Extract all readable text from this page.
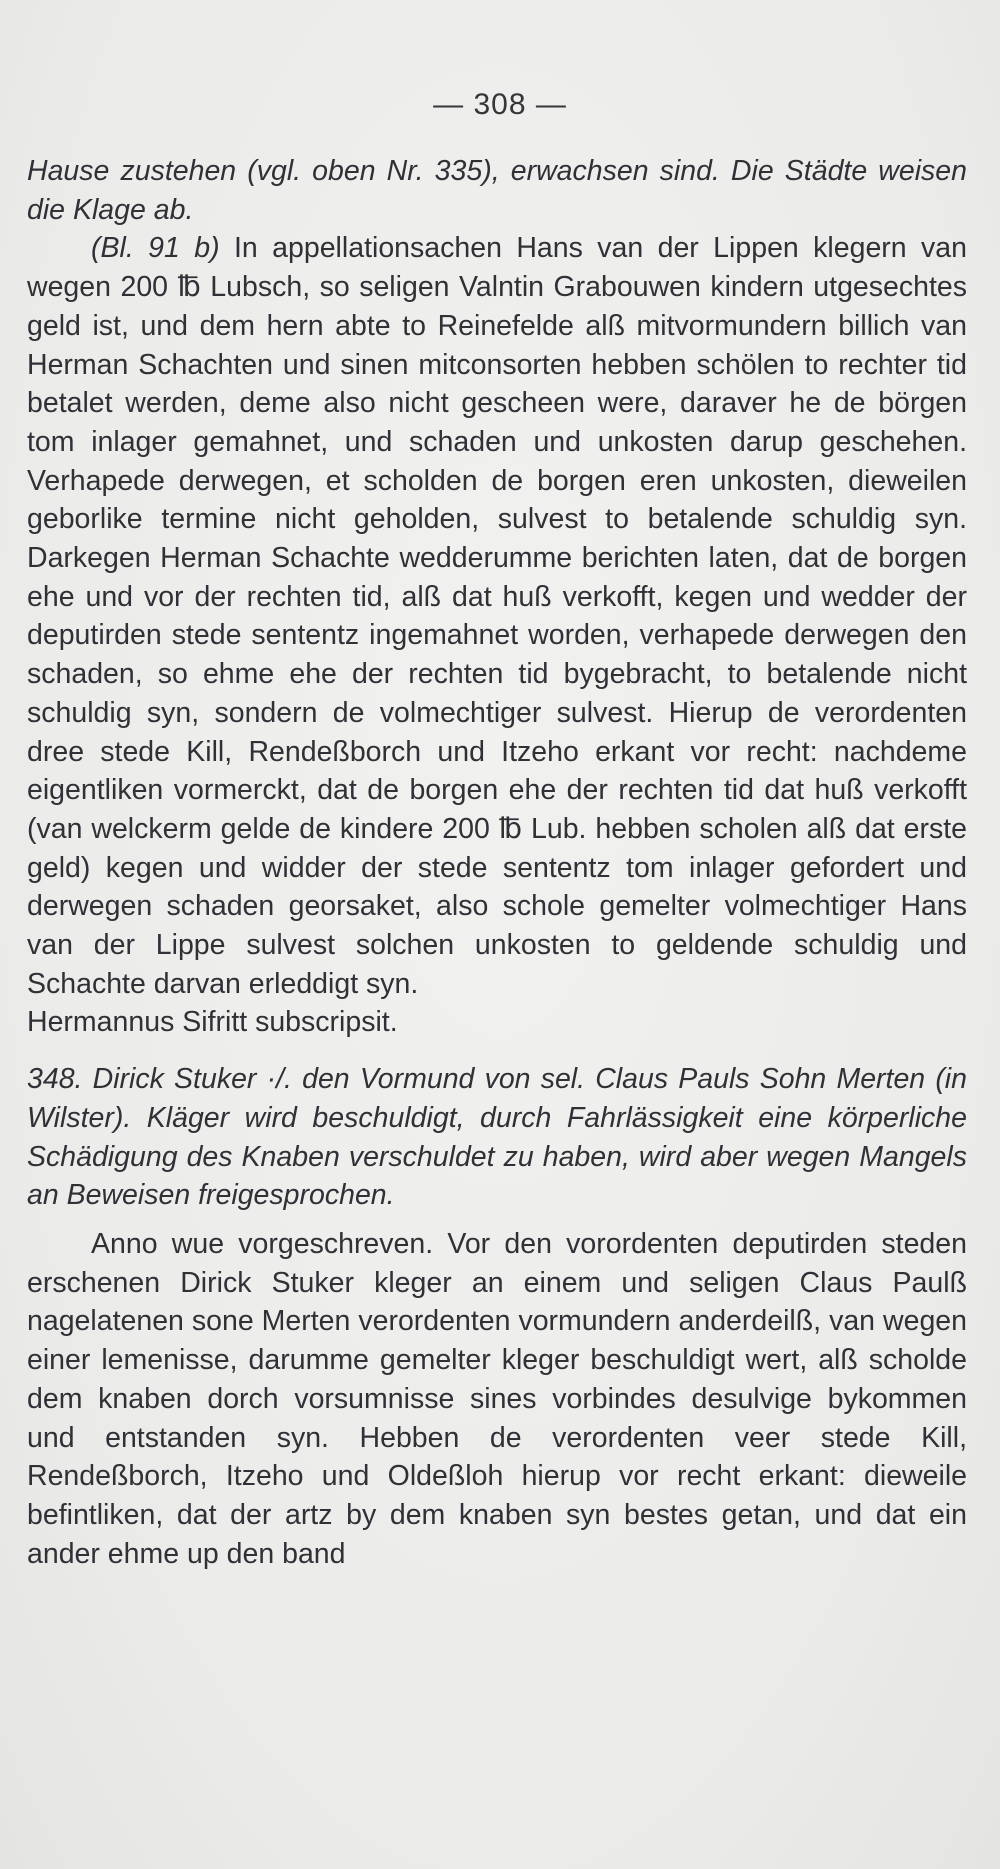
— 308 —

Hause zustehen (vgl. oben Nr. 335), erwachsen sind. Die Städte weisen die Klage ab.

(Bl. 91 b) In appellationsachen Hans van der Lippen klegern van wegen 200 ℔ Lubsch, so seligen Valntin Grabouwen kindern utgesechtes geld ist, und dem hern abte to Reinefelde alß mitvormundern billich van Herman Schachten und sinen mitconsorten hebben schölen to rechter tid betalet werden, deme also nicht gescheen were, daraver he de börgen tom inlager gemahnet, und schaden und unkosten darup geschehen. Verhapede derwegen, et scholden de borgen eren unkosten, dieweilen geborlike termine nicht geholden, sulvest to betalende schuldig syn. Darkegen Herman Schachte wedderumme berichten laten, dat de borgen ehe und vor der rechten tid, alß dat huß verkofft, kegen und wedder der deputirden stede sententz ingemahnet worden, verhapede derwegen den schaden, so ehme ehe der rechten tid bygebracht, to betalende nicht schuldig syn, sondern de volmechtiger sulvest. Hierup de verordenten dree stede Kill, Rendeßborch und Itzeho erkant vor recht: nachdeme eigentliken vormerckt, dat de borgen ehe der rechten tid dat huß verkofft (van welckerm gelde de kindere 200 ℔ Lub. hebben scholen alß dat erste geld) kegen und widder der stede sententz tom inlager gefordert und derwegen schaden georsaket, also schole gemelter volmechtiger Hans van der Lippe sulvest solchen unkosten to geldende schuldig und Schachte darvan erleddigt syn.

Hermannus Sifritt subscripsit.

348. Dirick Stuker ·/. den Vormund von sel. Claus Pauls Sohn Merten (in Wilster). Kläger wird beschuldigt, durch Fahrlässigkeit eine körperliche Schädigung des Knaben verschuldet zu haben, wird aber wegen Mangels an Beweisen freigesprochen.

Anno wue vorgeschreven. Vor den vorordenten deputirden steden erschenen Dirick Stuker kleger an einem und seligen Claus Paulß nagelatenen sone Merten verordenten vormundern anderdeilß, van wegen einer lemenisse, darumme gemelter kleger beschuldigt wert, alß scholde dem knaben dorch vorsumnisse sines vorbindes desulvige bykommen und entstanden syn. Hebben de verordenten veer stede Kill, Rendeßborch, Itzeho und Oldeßloh hierup vor recht erkant: dieweile befintliken, dat der artz by dem knaben syn bestes getan, und dat ein ander ehme up den band
